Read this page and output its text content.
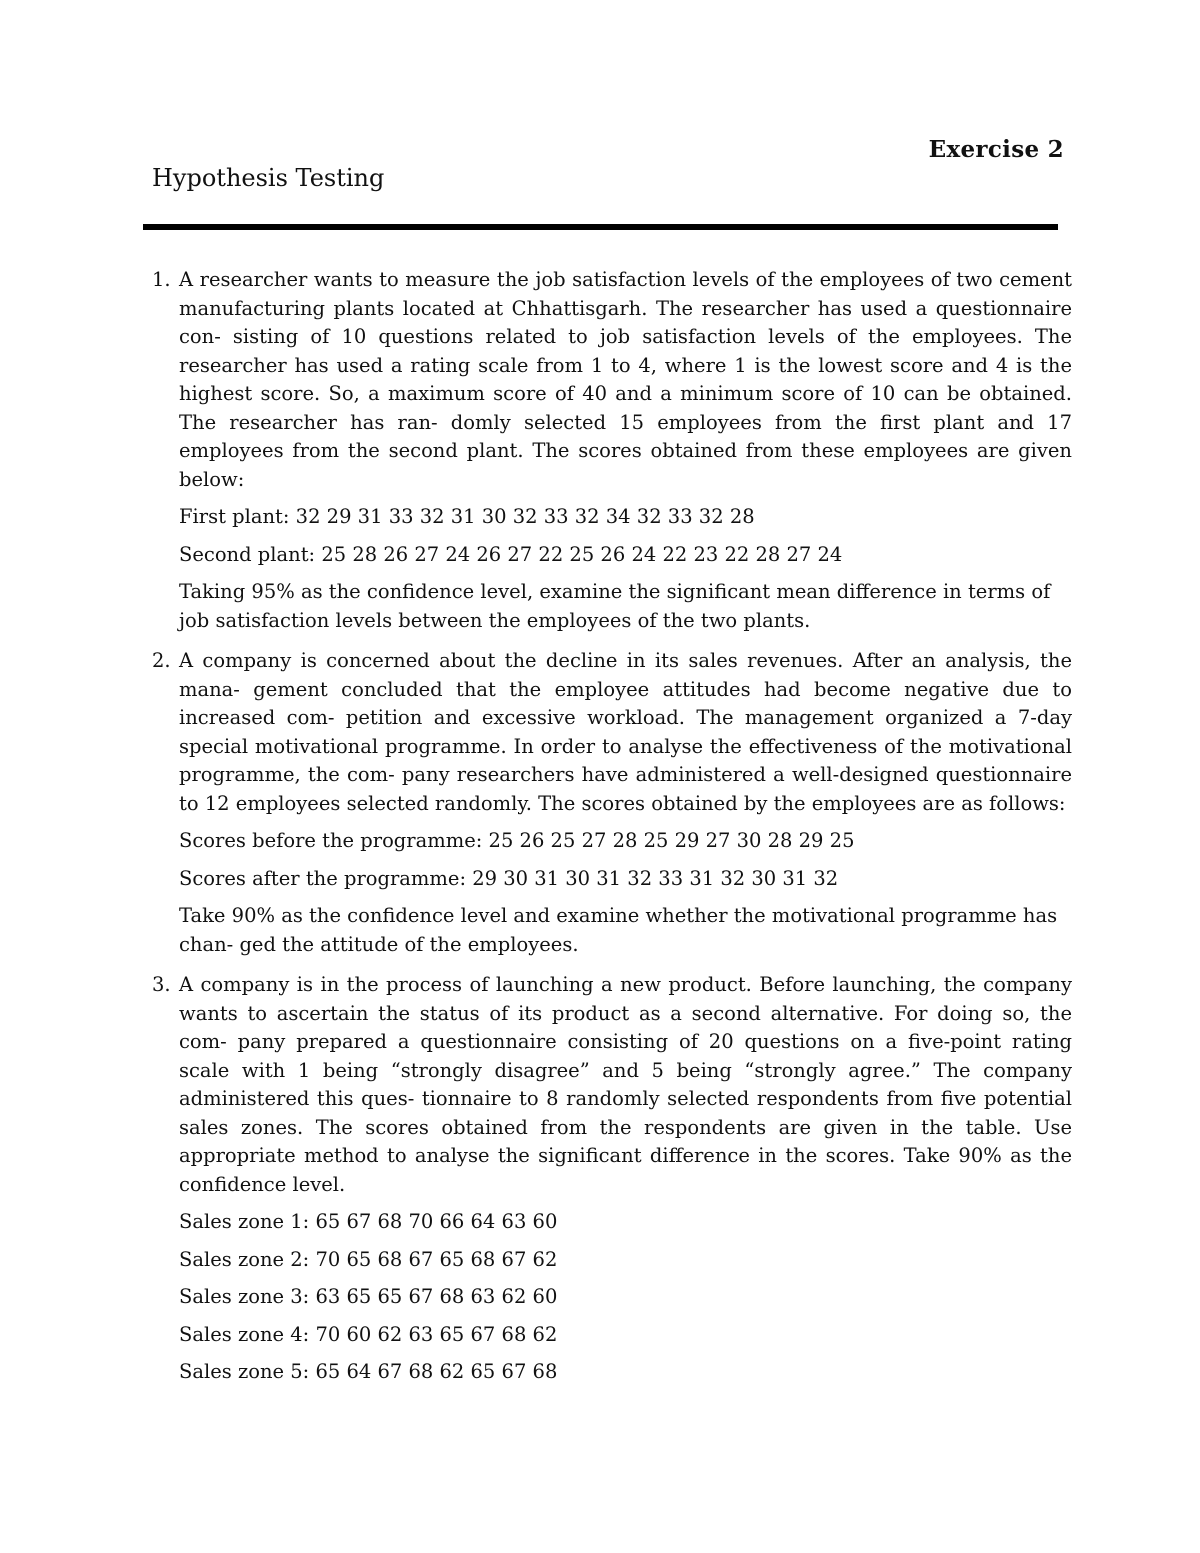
Exercise 2
Hypothesis Testing
1. A researcher wants to measure the job satisfaction levels of the employees of two cement manufacturing plants located at Chhattisgarh. The researcher has used a questionnaire con- sisting of 10 questions related to job satisfaction levels of the employees. The researcher has used a rating scale from 1 to 4, where 1 is the lowest score and 4 is the highest score. So, a maximum score of 40 and a minimum score of 10 can be obtained. The researcher has ran- domly selected 15 employees from the first plant and 17 employees from the second plant. The scores obtained from these employees are given below:
First plant: 32 29 31 33 32 31 30 32 33 32 34 32 33 32 28
Second plant: 25 28 26 27 24 26 27 22 25 26 24 22 23 22 28 27 24
Taking 95% as the confidence level, examine the significant mean difference in terms of job satisfaction levels between the employees of the two plants.
2. A company is concerned about the decline in its sales revenues. After an analysis, the mana- gement concluded that the employee attitudes had become negative due to increased com- petition and excessive workload. The management organized a 7-day special motivational programme. In order to analyse the effectiveness of the motivational programme, the com- pany researchers have administered a well-designed questionnaire to 12 employees selected randomly. The scores obtained by the employees are as follows:
Scores before the programme: 25 26 25 27 28 25 29 27 30 28 29 25
Scores after the programme: 29 30 31 30 31 32 33 31 32 30 31 32
Take 90% as the confidence level and examine whether the motivational programme has chan- ged the attitude of the employees.
3. A company is in the process of launching a new product. Before launching, the company wants to ascertain the status of its product as a second alternative. For doing so, the com- pany prepared a questionnaire consisting of 20 questions on a five-point rating scale with 1 being “strongly disagree” and 5 being “strongly agree.” The company administered this ques- tionnaire to 8 randomly selected respondents from five potential sales zones. The scores obtained from the respondents are given in the table. Use appropriate method to analyse the significant difference in the scores. Take 90% as the confidence level.
Sales zone 1: 65 67 68 70 66 64 63 60
Sales zone 2: 70 65 68 67 65 68 67 62
Sales zone 3: 63 65 65 67 68 63 62 60
Sales zone 4: 70 60 62 63 65 67 68 62
Sales zone 5: 65 64 67 68 62 65 67 68
